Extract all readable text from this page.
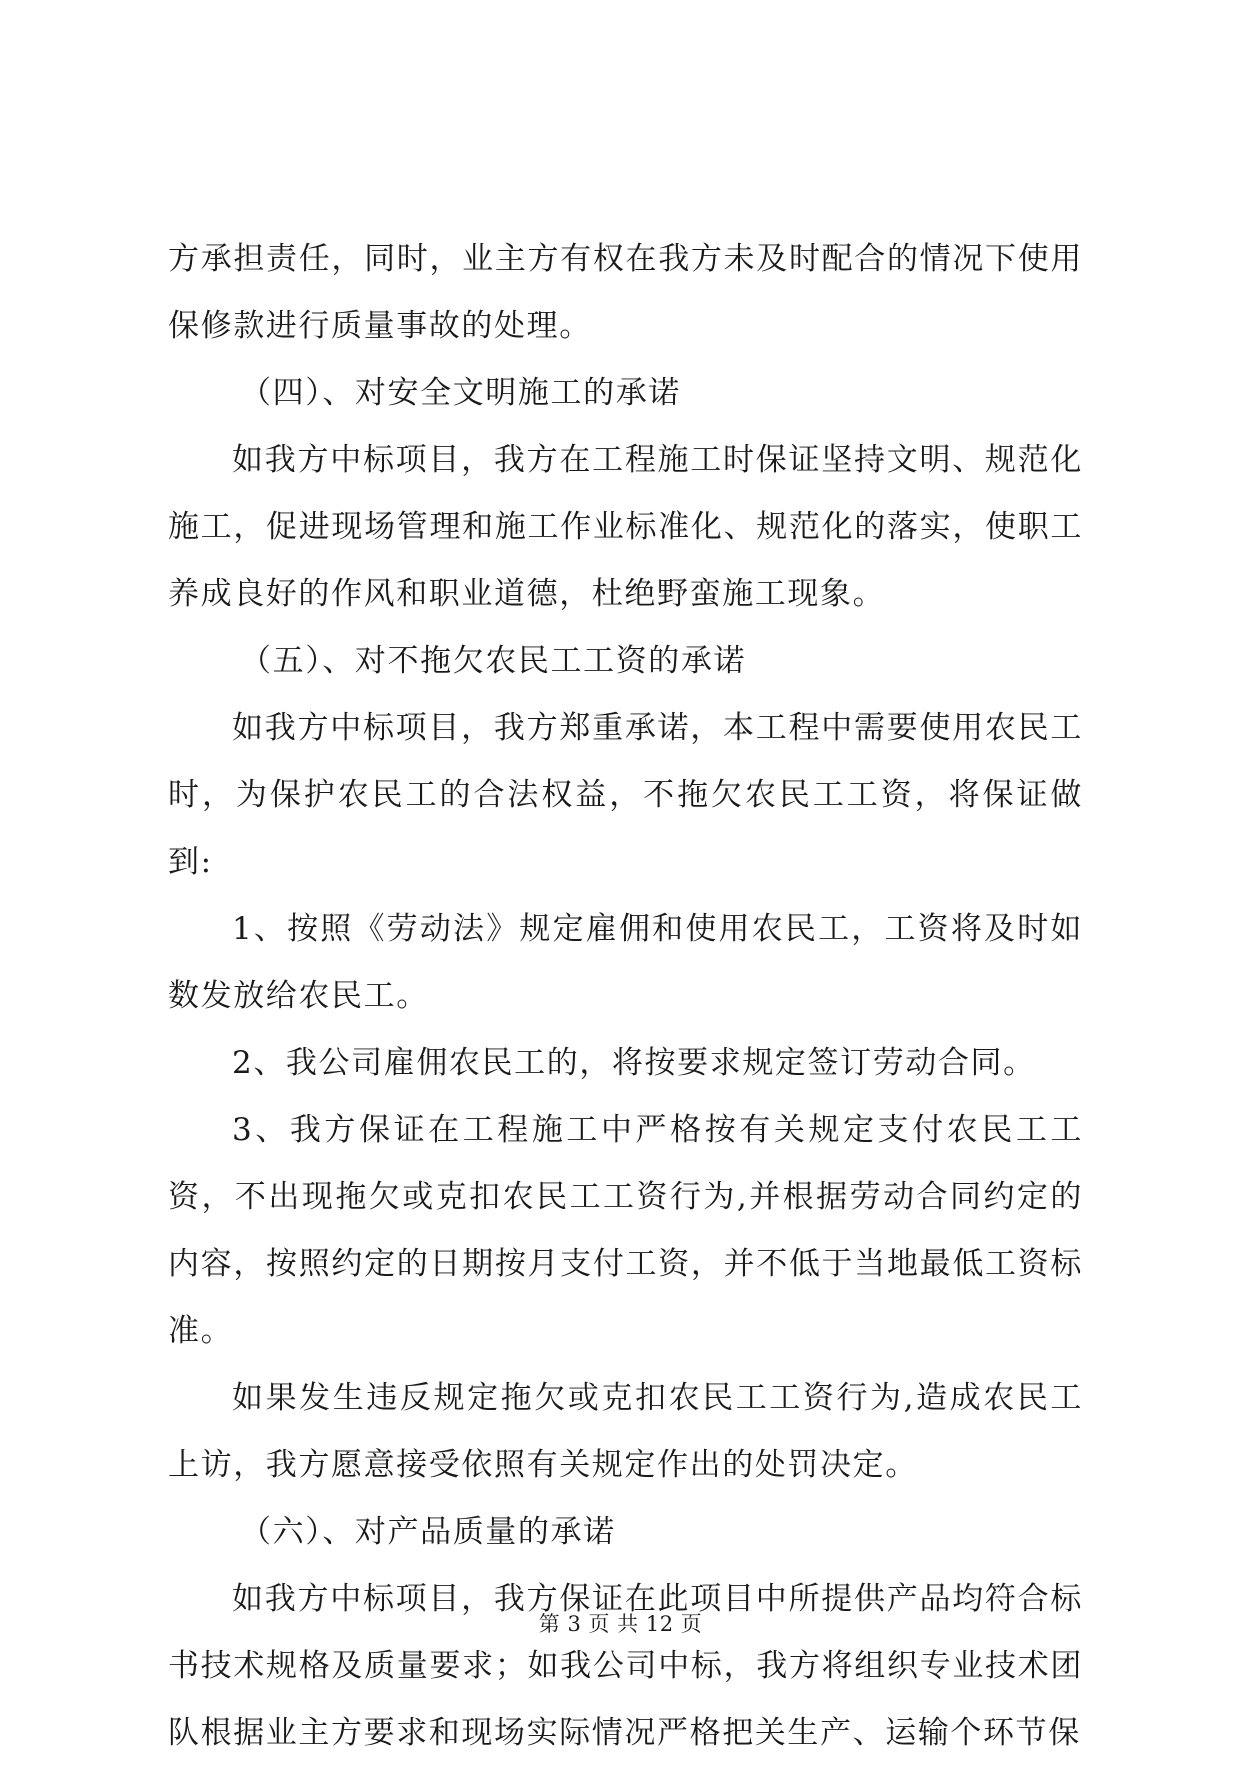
方承担责任，同时，业主方有权在我方未及时配合的情况下使用保修款进行质量事故的处理。

（四）、对安全文明施工的承诺

如我方中标项目，我方在工程施工时保证坚持文明、规范化施工，促进现场管理和施工作业标准化、规范化的落实，使职工养成良好的作风和职业道德，杜绝野蛮施工现象。

（五）、对不拖欠农民工工资的承诺

如我方中标项目，我方郑重承诺，本工程中需要使用农民工时，为保护农民工的合法权益，不拖欠农民工工资，将保证做到:

1、按照《劳动法》规定雇佣和使用农民工，工资将及时如数发放给农民工。

2、我公司雇佣农民工的，将按要求规定签订劳动合同。

3、我方保证在工程施工中严格按有关规定支付农民工工资，不出现拖欠或克扣农民工工资行为,并根据劳动合同约定的内容，按照约定的日期按月支付工资，并不低于当地最低工资标准。

如果发生违反规定拖欠或克扣农民工工资行为,造成农民工上访，我方愿意接受依照有关规定作出的处罚决定。

（六）、对产品质量的承诺

如我方中标项目，我方保证在此项目中所提供产品均符合标书技术规格及质量要求；如我公司中标，我方将组织专业技术团队根据业主方要求和现场实际情况严格把关生产、运输个环节保

第 3 页 共 12 页
